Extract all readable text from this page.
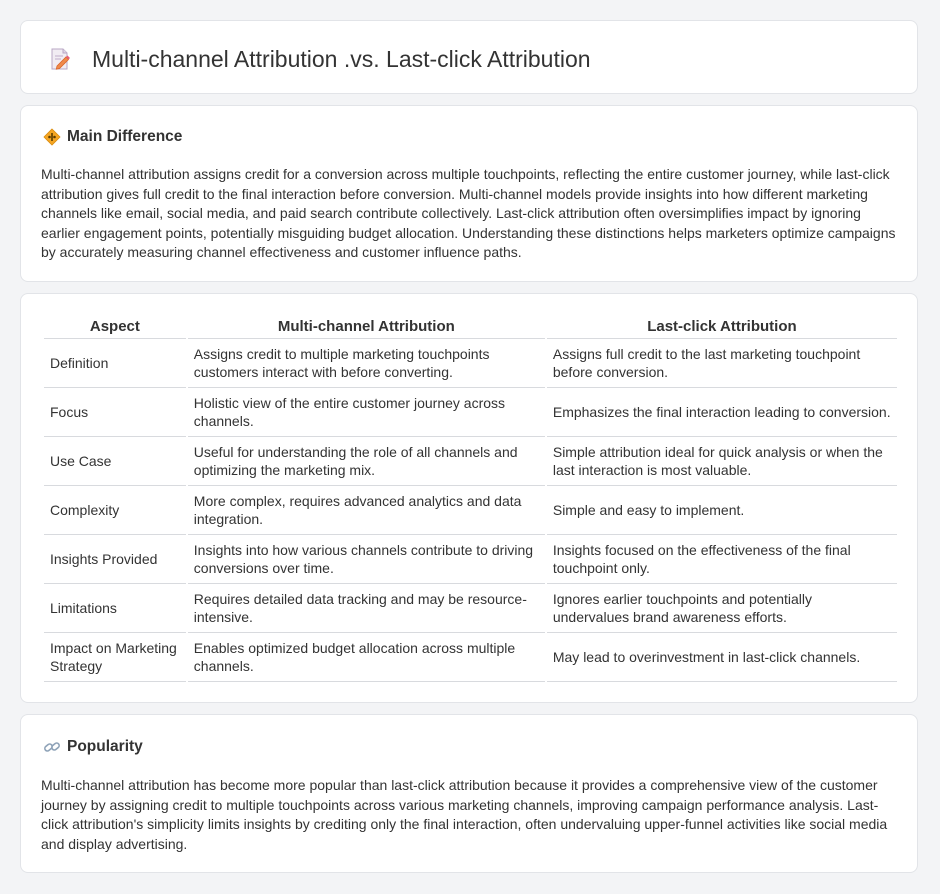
Multi-channel Attribution .vs. Last-click Attribution
Main Difference

Multi-channel attribution assigns credit for a conversion across multiple touchpoints, reflecting the entire customer journey, while last-click attribution gives full credit to the final interaction before conversion. Multi-channel models provide insights into how different marketing channels like email, social media, and paid search contribute collectively. Last-click attribution often oversimplifies impact by ignoring earlier engagement points, potentially misguiding budget allocation. Understanding these distinctions helps marketers optimize campaigns by accurately measuring channel effectiveness and customer influence paths.

Aspect	Multi-channel Attribution	Last-click Attribution
Definition	Assigns credit to multiple marketing touchpoints customers interact with before converting.	Assigns full credit to the last marketing touchpoint before conversion.
Focus	Holistic view of the entire customer journey across channels.	Emphasizes the final interaction leading to conversion.
Use Case	Useful for understanding the role of all channels and optimizing the marketing mix.	Simple attribution ideal for quick analysis or when the last interaction is most valuable.
Complexity	More complex, requires advanced analytics and data integration.	Simple and easy to implement.
Insights Provided	Insights into how various channels contribute to driving conversions over time.	Insights focused on the effectiveness of the final touchpoint only.
Limitations	Requires detailed data tracking and may be resource-intensive.	Ignores earlier touchpoints and potentially undervalues brand awareness efforts.
Impact on Marketing Strategy	Enables optimized budget allocation across multiple channels.	May lead to overinvestment in last-click channels.
Popularity

Multi-channel attribution has become more popular than last-click attribution because it provides a comprehensive view of the customer journey by assigning credit to multiple touchpoints across various marketing channels, improving campaign performance analysis. Last-click attribution's simplicity limits insights by crediting only the final interaction, often undervaluing upper-funnel activities like social media and display advertising.
